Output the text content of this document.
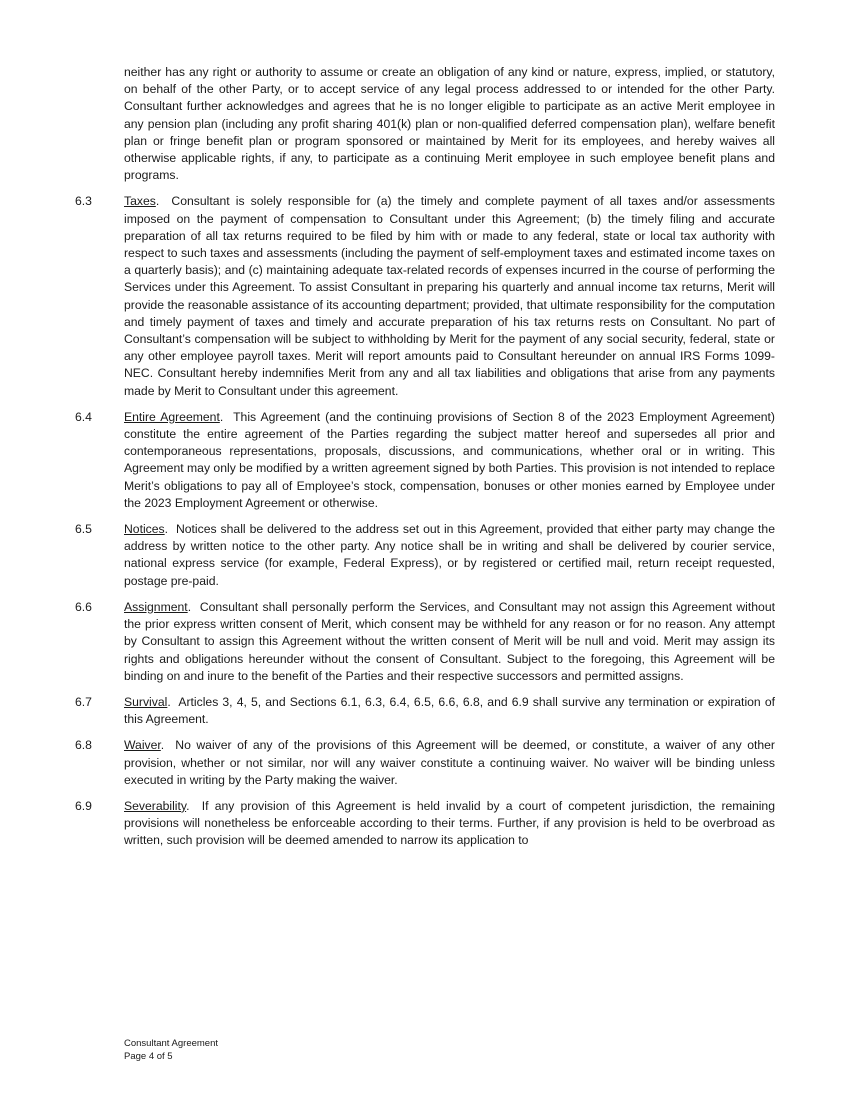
neither has any right or authority to assume or create an obligation of any kind or nature, express, implied, or statutory, on behalf of the other Party, or to accept service of any legal process addressed to or intended for the other Party. Consultant further acknowledges and agrees that he is no longer eligible to participate as an active Merit employee in any pension plan (including any profit sharing 401(k) plan or non-qualified deferred compensation plan), welfare benefit plan or fringe benefit plan or program sponsored or maintained by Merit for its employees, and hereby waives all otherwise applicable rights, if any, to participate as a continuing Merit employee in such employee benefit plans and programs.

6.3	Taxes.  Consultant is solely responsible for (a) the timely and complete payment of all taxes and/or assessments imposed on the payment of compensation to Consultant under this Agreement; (b) the timely filing and accurate preparation of all tax returns required to be filed by him with or made to any federal, state or local tax authority with respect to such taxes and assessments (including the payment of self-employment taxes and estimated income taxes on a quarterly basis); and (c) maintaining adequate tax-related records of expenses incurred in the course of performing the Services under this Agreement. To assist Consultant in preparing his quarterly and annual income tax returns, Merit will provide the reasonable assistance of its accounting department; provided, that ultimate responsibility for the computation and timely payment of taxes and timely and accurate preparation of his tax returns rests on Consultant. No part of Consultant’s compensation will be subject to withholding by Merit for the payment of any social security, federal, state or any other employee payroll taxes. Merit will report amounts paid to Consultant hereunder on annual IRS Forms 1099-NEC. Consultant hereby indemnifies Merit from any and all tax liabilities and obligations that arise from any payments made by Merit to Consultant under this agreement.

6.4	Entire Agreement.  This Agreement (and the continuing provisions of Section 8 of the 2023 Employment Agreement) constitute the entire agreement of the Parties regarding the subject matter hereof and supersedes all prior and contemporaneous representations, proposals, discussions, and communications, whether oral or in writing. This Agreement may only be modified by a written agreement signed by both Parties. This provision is not intended to replace Merit’s obligations to pay all of Employee’s stock, compensation, bonuses or other monies earned by Employee under the 2023 Employment Agreement or otherwise.

6.5	Notices.  Notices shall be delivered to the address set out in this Agreement, provided that either party may change the address by written notice to the other party. Any notice shall be in writing and shall be delivered by courier service, national express service (for example, Federal Express), or by registered or certified mail, return receipt requested, postage pre-paid.

6.6	Assignment.  Consultant shall personally perform the Services, and Consultant may not assign this Agreement without the prior express written consent of Merit, which consent may be withheld for any reason or for no reason. Any attempt by Consultant to assign this Agreement without the written consent of Merit will be null and void. Merit may assign its rights and obligations hereunder without the consent of Consultant. Subject to the foregoing, this Agreement will be binding on and inure to the benefit of the Parties and their respective successors and permitted assigns.

6.7	Survival.  Articles 3, 4, 5, and Sections 6.1, 6.3, 6.4, 6.5, 6.6, 6.8, and 6.9 shall survive any termination or expiration of this Agreement.

6.8	Waiver.  No waiver of any of the provisions of this Agreement will be deemed, or constitute, a waiver of any other provision, whether or not similar, nor will any waiver constitute a continuing waiver. No waiver will be binding unless executed in writing by the Party making the waiver.

6.9	Severability.  If any provision of this Agreement is held invalid by a court of competent jurisdiction, the remaining provisions will nonetheless be enforceable according to their terms. Further, if any provision is held to be overbroad as written, such provision will be deemed amended to narrow its application to

Consultant Agreement
Page 4 of 5
